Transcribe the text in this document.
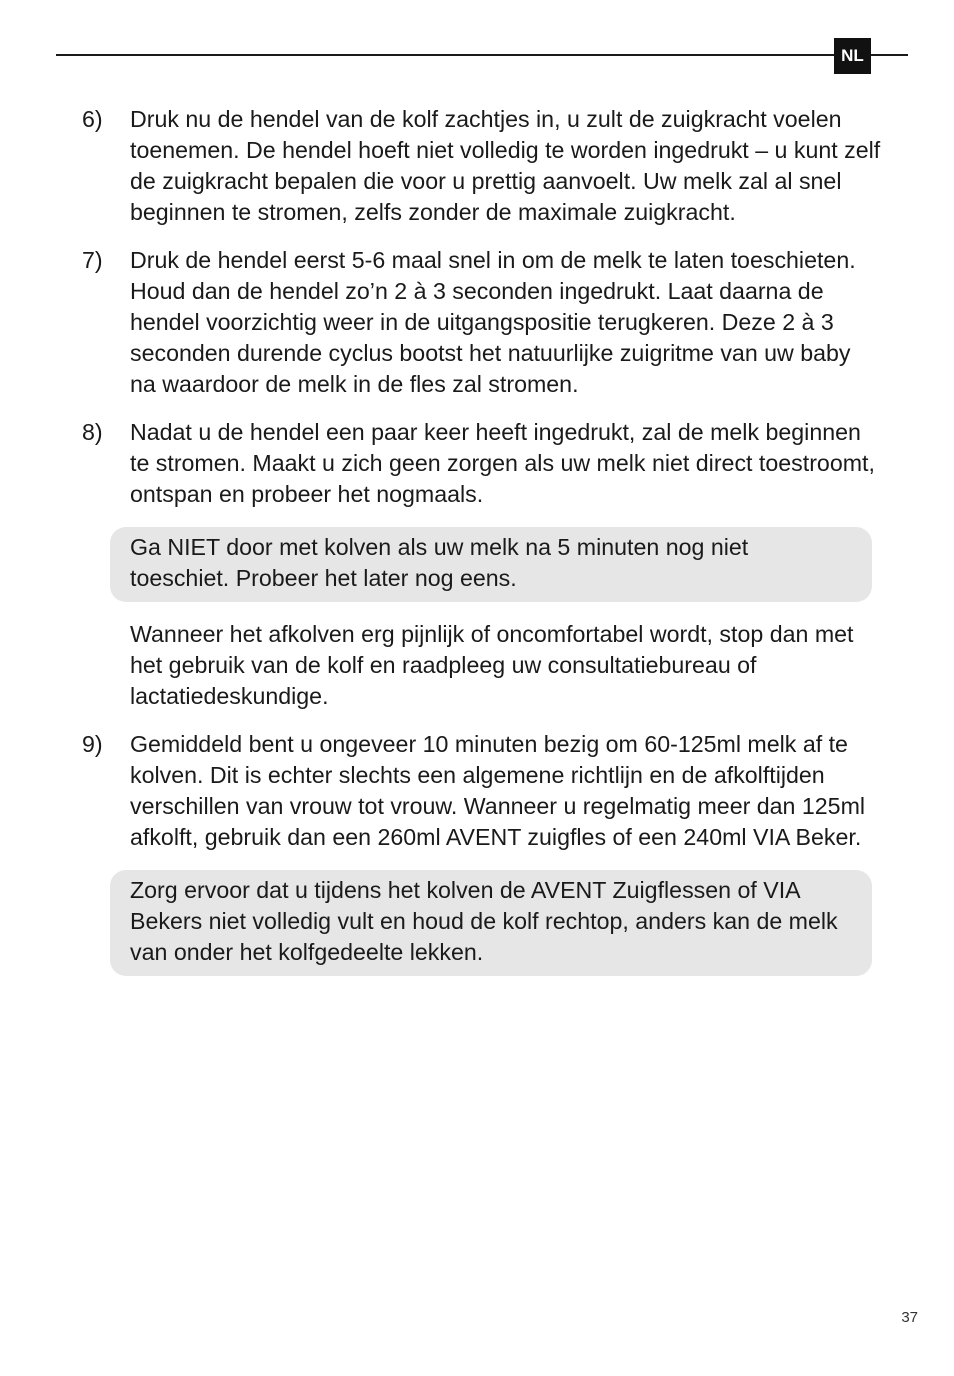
NL
6) Druk nu de hendel van de kolf zachtjes in, u zult de zuigkracht voelen toenemen. De hendel hoeft niet volledig te worden ingedrukt – u kunt zelf de zuigkracht bepalen die voor u prettig aanvoelt. Uw melk zal al snel beginnen te stromen, zelfs zonder de maximale zuigkracht.
7) Druk de hendel eerst 5-6 maal snel in om de melk te laten toeschieten. Houd dan de hendel zo’n 2 à 3 seconden ingedrukt. Laat daarna de hendel voorzichtig weer in de uitgangspositie terugkeren. Deze 2 à 3 seconden durende cyclus bootst het natuurlijke zuigritme van uw baby na waardoor de melk in de fles zal stromen.
8) Nadat u de hendel een paar keer heeft ingedrukt, zal de melk beginnen te stromen. Maakt u zich geen zorgen als uw melk niet direct toestroomt, ontspan en probeer het nogmaals.
Ga NIET door met kolven als uw melk na 5 minuten nog niet toeschiet. Probeer het later nog eens.
Wanneer het afkolven erg pijnlijk of oncomfortabel wordt, stop dan met het gebruik van de kolf en raadpleeg uw consultatiebureau of lactatiedeskundige.
9) Gemiddeld bent u ongeveer 10 minuten bezig om 60-125ml melk af te kolven. Dit is echter slechts een algemene richtlijn en de afkolftijden verschillen van vrouw tot vrouw. Wanneer u regelmatig meer dan 125ml afkolft, gebruik dan een 260ml AVENT zuigfles of een 240ml VIA Beker.
Zorg ervoor dat u tijdens het kolven de AVENT Zuigflessen of VIA Bekers niet volledig vult en houd de kolf rechtop, anders kan de melk van onder het kolfgedeelte lekken.
37
